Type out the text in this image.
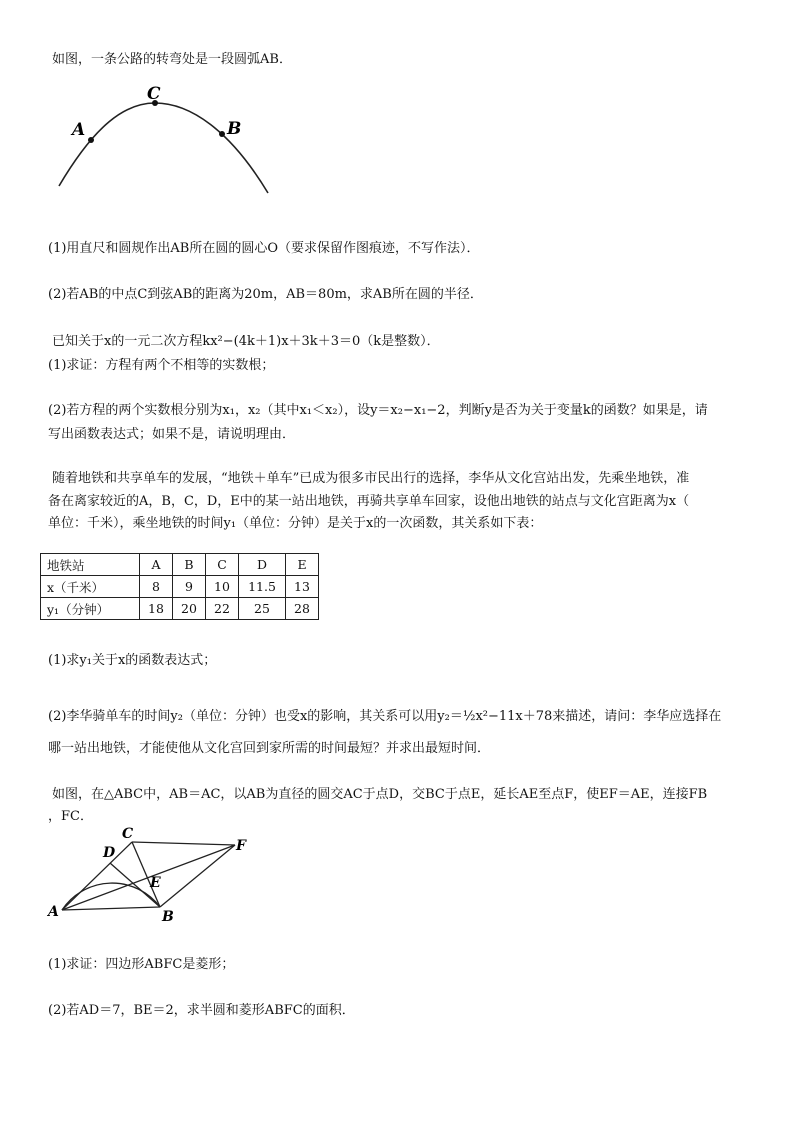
如图，一条公路的转弯处是一段圆弧AB．
A
C
B
(1)用直尺和圆规作出AB所在圆的圆心O（要求保留作图痕迹，不写作法）．
(2)若AB的中点C到弦AB的距离为20m，AB＝80m，求AB所在圆的半径．
已知关于x的一元二次方程kx²−(4k＋1)x＋3k＋3＝0（k是整数）．
(1)求证：方程有两个不相等的实数根；
(2)若方程的两个实数根分别为x₁，x₂（其中x₁＜x₂），设y＝x₂−x₁−2，判断y是否为关于变量k的函数？如果是，请
写出函数表达式；如果不是，请说明理由．
随着地铁和共享单车的发展，“地铁＋单车”已成为很多市民出行的选择，李华从文化宫站出发，先乘坐地铁，准
备在离家较近的A，B，C，D，E中的某一站出地铁，再骑共享单车回家，设他出地铁的站点与文化宫距离为x（
单位：千米），乘坐地铁的时间y₁（单位：分钟）是关于x的一次函数，其关系如下表：
地铁站	A	B	C	D	E
x（千米）	8	9	10	11.5	13
y₁（分钟）	18	20	22	25	28
(1)求y₁关于x的函数表达式；
(2)李华骑单车的时间y₂（单位：分钟）也受x的影响，其关系可以用y₂＝½x²−11x＋78来描述，请问：李华应选择在
哪一站出地铁，才能使他从文化宫回到家所需的时间最短？并求出最短时间．
如图，在△ABC中，AB＝AC，以AB为直径的圆交AC于点D，交BC于点E，延长AE至点F，使EF＝AE，连接FB
，FC．
C
D	F
E
A	B
(1)求证：四边形ABFC是菱形；
(2)若AD＝7，BE＝2，求半圆和菱形ABFC的面积．
